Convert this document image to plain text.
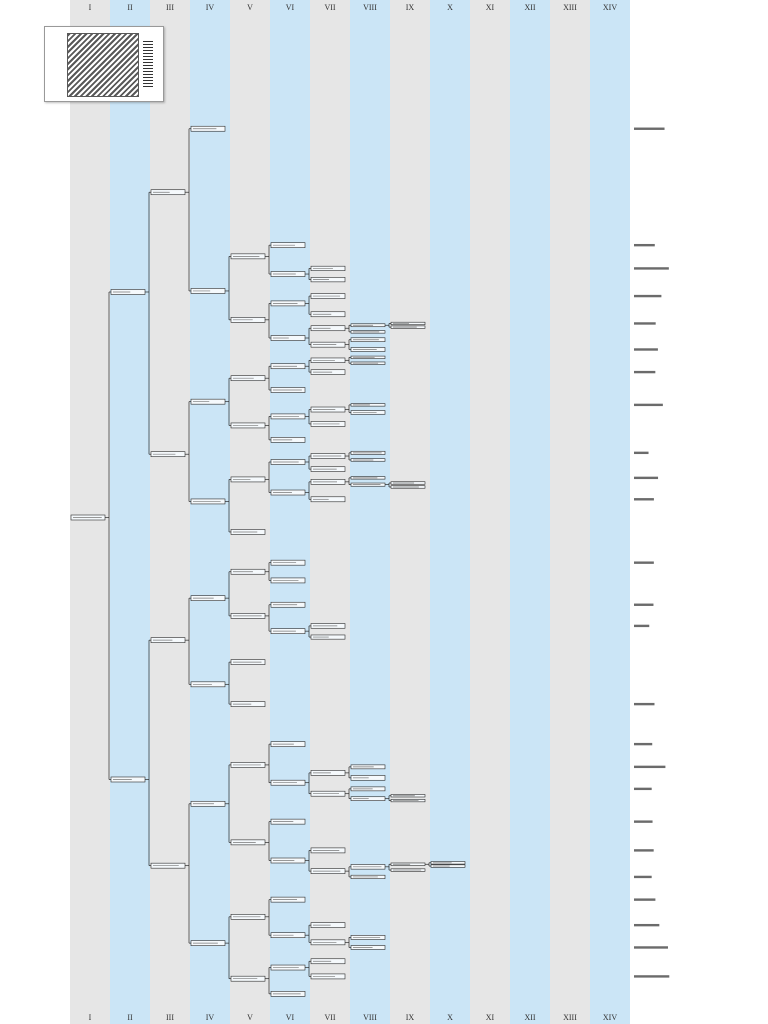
I	II	III	IV	V	VI	VII	VIII	IX	X	XI	XII	XIII	XIV
I	II	III	IV	V	VI	VII	VIII	IX	X	XI	XII	XIII	XIV
